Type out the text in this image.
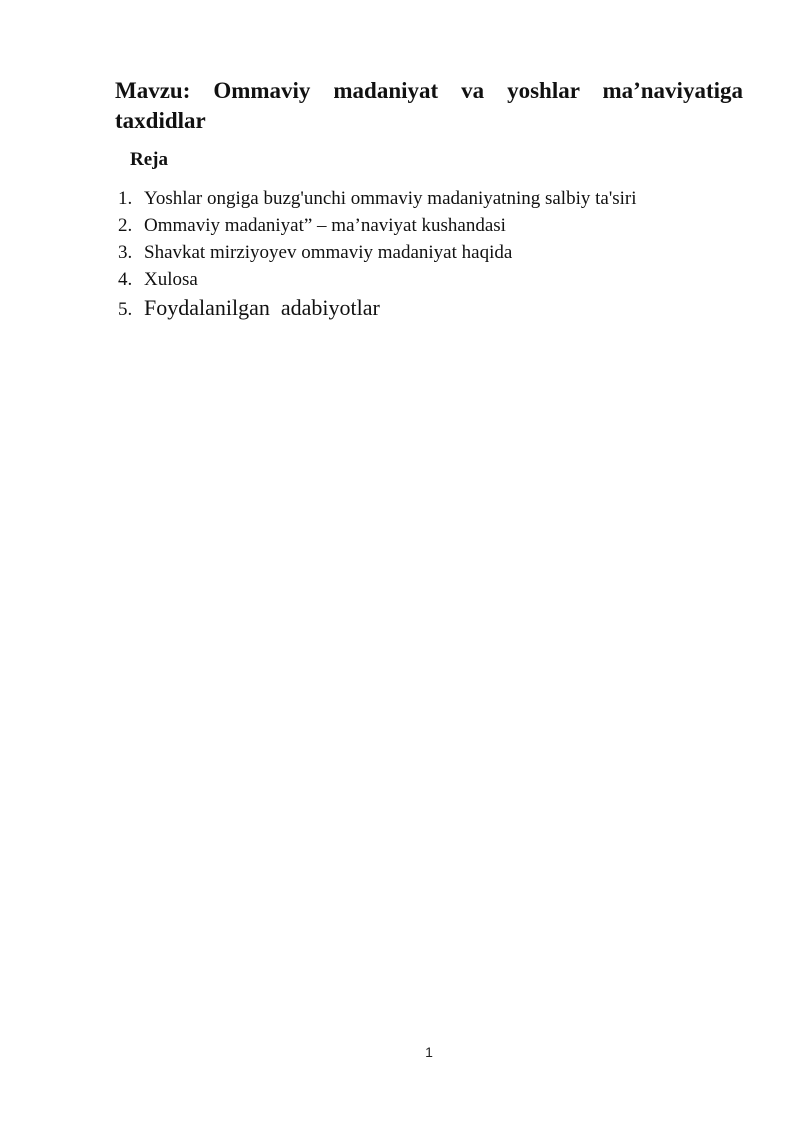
Mavzu: Ommaviy madaniyat va yoshlar ma’naviyatiga taxdidlar
Reja
1. Yoshlar ongiga buzg'unchi ommaviy madaniyatning salbiy ta'siri
2. Ommaviy madaniyat” – ma’naviyat kushandasi
3. Shavkat mirziyoyev ommaviy madaniyat haqida
4. Xulosa
5. Foydalanilgan  adabiyotlar
1
